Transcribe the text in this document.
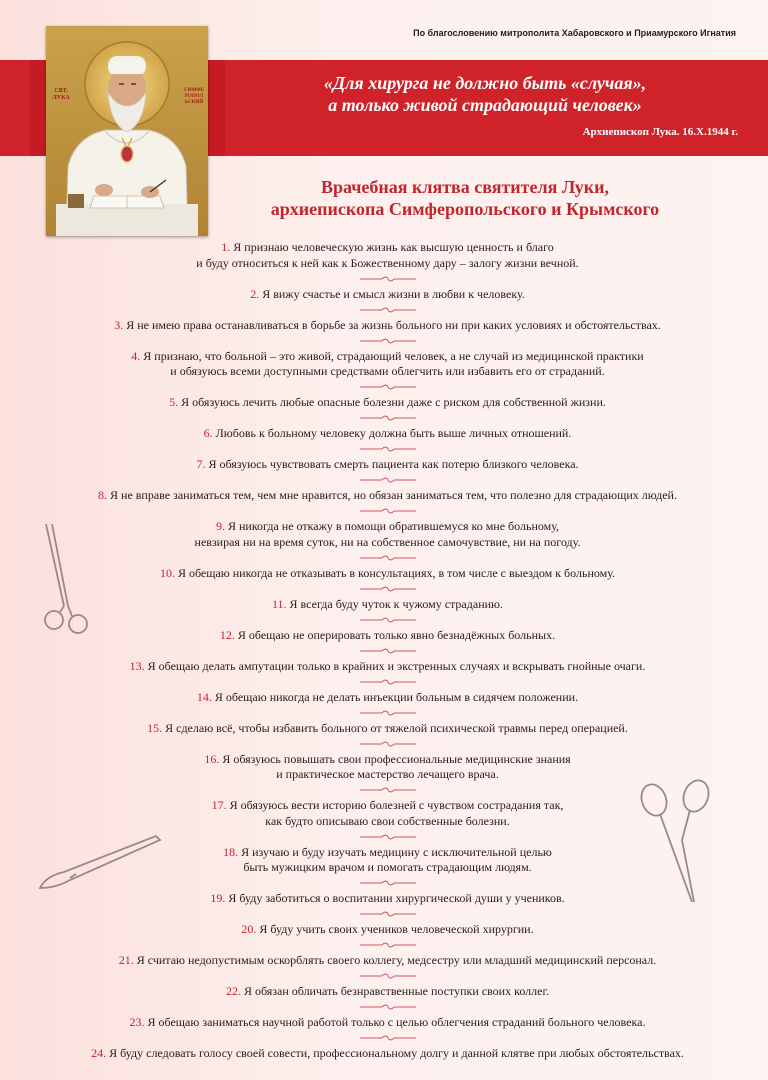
По благословению митрополита Хабаровского и Приамурского Игнатия
«Для хирурга не должно быть «случая»,
а только живой страдающий человек»
Архиепископ Лука. 16.X.1944 г.
СВТ. ЛУКА
СИМФЕРОПОЛЬСКИЙ
Врачебная клятва святителя Луки,
архиепископа Симферопольского и Крымского
1. Я признаю человеческую жизнь как высшую ценность и благо
и буду относиться к ней как к Божественному дару – залогу жизни вечной.
2. Я вижу счастье и смысл жизни в любви к человеку.
3. Я не имею права останавливаться в борьбе за жизнь больного ни при каких условиях и обстоятельствах.
4. Я признаю, что больной – это живой, страдающий человек, а не случай из медицинской практики
и обязуюсь всеми доступными средствами облегчить или избавить его от страданий.
5. Я обязуюсь лечить любые опасные болезни даже с риском для собственной жизни.
6. Любовь к больному человеку должна быть выше личных отношений.
7. Я обязуюсь чувствовать смерть пациента как потерю близкого человека.
8. Я не вправе заниматься тем, чем мне нравится, но обязан заниматься тем, что полезно для страдающих людей.
9. Я никогда не откажу в помощи обратившемуся ко мне больному,
невзирая ни на время суток, ни на собственное самочувствие, ни на погоду.
10. Я обещаю никогда не отказывать в консультациях, в том числе с выездом к больному.
11. Я всегда буду чуток к чужому страданию.
12. Я обещаю не оперировать только явно безнадёжных больных.
13. Я обещаю делать ампутации только в крайних и экстренных случаях и вскрывать гнойные очаги.
14. Я обещаю никогда не делать инъекции больным в сидячем положении.
15. Я сделаю всё, чтобы избавить больного от тяжелой психической травмы перед операцией.
16. Я обязуюсь повышать свои профессиональные медицинские знания
и практическое мастерство лечащего врача.
17. Я обязуюсь вести историю болезней с чувством сострадания так,
как будто описываю свои собственные болезни.
18. Я изучаю и буду изучать медицину с исключительной целью
быть мужицким врачом и помогать страдающим людям.
19. Я буду заботиться о воспитании хирургической души у учеников.
20. Я буду учить своих учеников человеческой хирургии.
21. Я считаю недопустимым оскорблять своего коллегу, медсестру или младший медицинский персонал.
22. Я обязан обличать безнравственные поступки своих коллег.
23. Я обещаю заниматься научной работой только с целью облегчения страданий больного человека.
24. Я буду следовать голосу своей совести, профессиональному долгу и данной клятве при любых обстоятельствах.
